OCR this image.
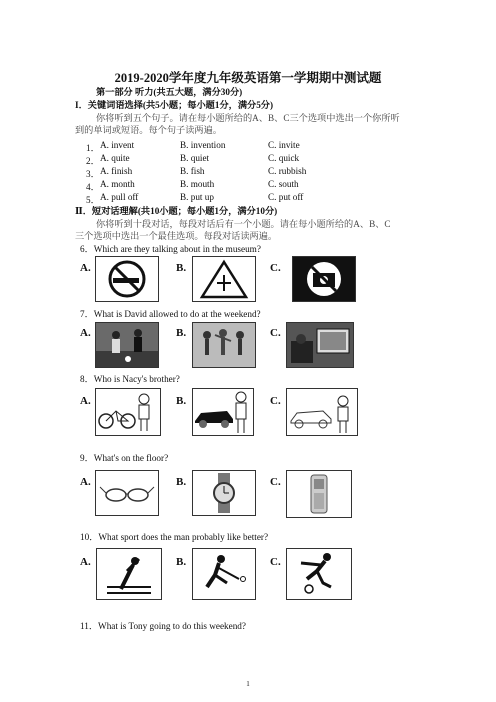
2019-2020学年度九年级英语第一学期期中测试题
第一部分 听力(共五大题，满分30分)
I．关键词语选择(共5小题；每小题1分，满分5分)
你将听到五个句子。请在每小题所给的A、B、C三个选项中选出一个你所听
到的单词或短语。每个句子读两遍。
1． A. invent	B. invention	C. invite
2． A. quite	B. quiet	C. quick
3． A. finish	B. fish	C. rubbish
4． A. month	B. mouth	C. south
5． A. pull off	B. put up	C. put off
Ⅱ．短对话理解(共10小题；每小题1分，满分10分)
你将听到十段对话，每段对话后有一个小题。请在每小题所给的A、B、C
三个选项中选出一个最佳选项。每段对话读两遍。
6．Which are they talking about in the museum?
A.	B.	C.
7．What is David allowed to do at the weekend?
A.	B.	C.
8．Who is Nacy's brother?
A.	B.	C.
9．What's on the floor?
A.	B.	C.
10．What sport does the man probably like better?
A.	B.	C.
11．What is Tony going to do this weekend?
1
